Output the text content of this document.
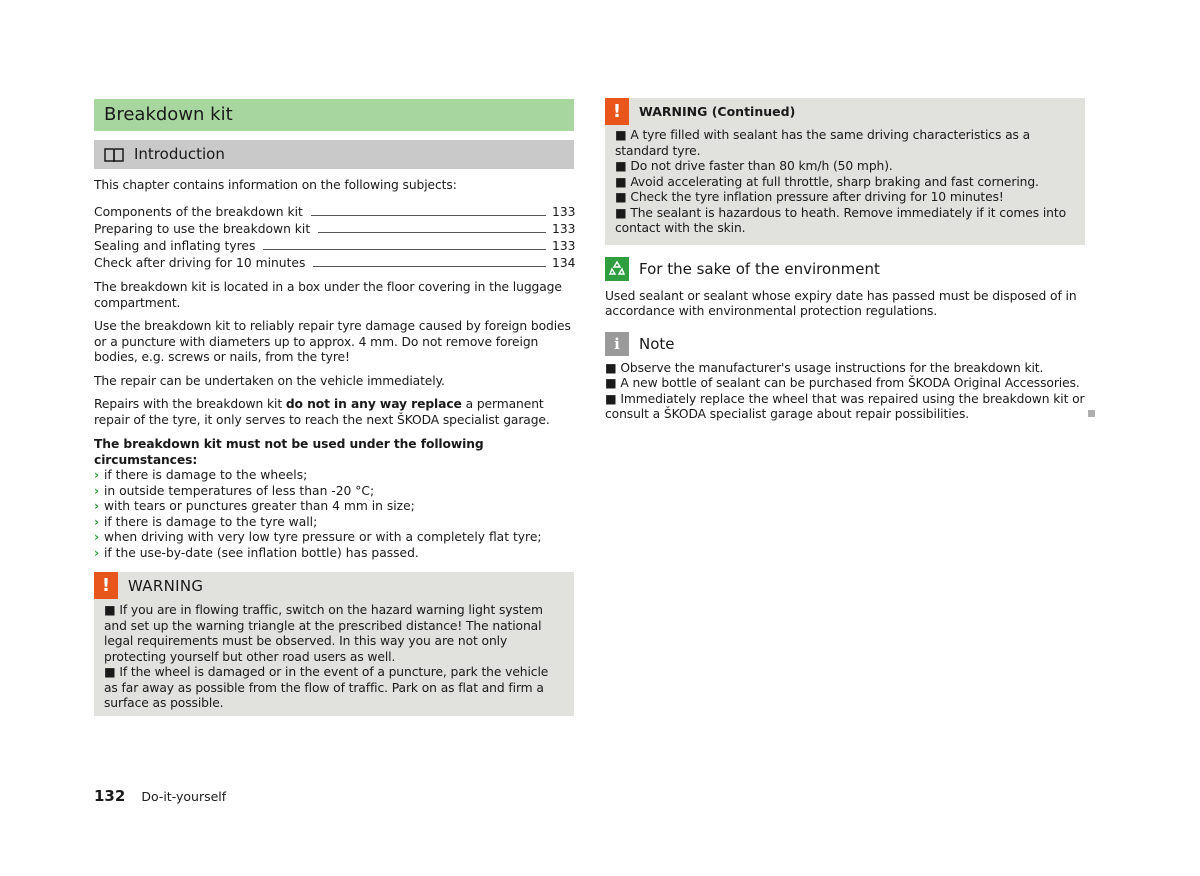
Breakdown kit
Introduction

This chapter contains information on the following subjects:

Components of the breakdown kit	133
Preparing to use the breakdown kit	133
Sealing and inflating tyres	133
Check after driving for 10 minutes	134

The breakdown kit is located in a box under the floor covering in the luggage compartment.

Use the breakdown kit to reliably repair tyre damage caused by foreign bodies or a puncture with diameters up to approx. 4 mm. Do not remove foreign bodies, e.g. screws or nails, from the tyre!

The repair can be undertaken on the vehicle immediately.

Repairs with the breakdown kit do not in any way replace a permanent repair of the tyre, it only serves to reach the next ŠKODA specialist garage.

The breakdown kit must not be used under the following circumstances:

› if there is damage to the wheels;
› in outside temperatures of less than -20 °C;
› with tears or punctures greater than 4 mm in size;
› if there is damage to the tyre wall;
› when driving with very low tyre pressure or with a completely flat tyre;
› if the use-by-date (see inflation bottle) has passed.
!	WARNING

■ If you are in flowing traffic, switch on the hazard warning light system and set up the warning triangle at the prescribed distance! The national legal requirements must be observed. In this way you are not only protecting yourself but other road users as well.

■ If the wheel is damaged or in the event of a puncture, park the vehicle as far away as possible from the flow of traffic. Park on as flat and firm a surface as possible.

!	WARNING (Continued)

■ A tyre filled with sealant has the same driving characteristics as a standard tyre.

■ Do not drive faster than 80 km/h (50 mph).

■ Avoid accelerating at full throttle, sharp braking and fast cornering.

■ Check the tyre inflation pressure after driving for 10 minutes!

■ The sealant is hazardous to heath. Remove immediately if it comes into contact with the skin.

For the sake of the environment

Used sealant or sealant whose expiry date has passed must be disposed of in accordance with environmental protection regulations.

i	Note

■ Observe the manufacturer's usage instructions for the breakdown kit.

■ A new bottle of sealant can be purchased from ŠKODA Original Accessories.

■ Immediately replace the wheel that was repaired using the breakdown kit or consult a ŠKODA specialist garage about repair possibilities.

132 Do-it-yourself
